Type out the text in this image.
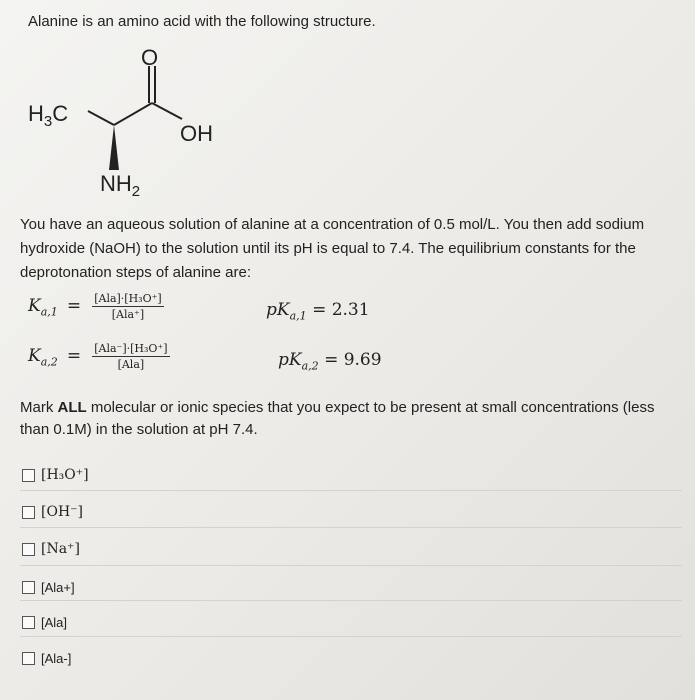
Alanine is an amino acid with the following structure.
O
$H_3C$
OH
$NH_2$
You have an aqueous solution of alanine at a concentration of 0.5 mol/L. You then add sodium hydroxide (NaOH) to the solution until its pH is equal to 7.4. The equilibrium constants for the deprotonation steps of alanine are:
$K_{a,1} = \frac{\text{[Ala]·[H₃O⁺]}}{\text{[Ala⁺]}}$	$pK_{a,1} = 2.31$
$K_{a,2} = \frac{\text{[Ala⁻]·[H₃O⁺]}}{\text{[Ala]}}$	$pK_{a,2} = 9.69$
Mark ALL molecular or ionic species that you expect to be present at small concentrations (less than 0.1M) in the solution at pH 7.4.
[H₃O⁺]
[OH⁻]
[Na⁺]
[Ala+]
[Ala]
[Ala-]
